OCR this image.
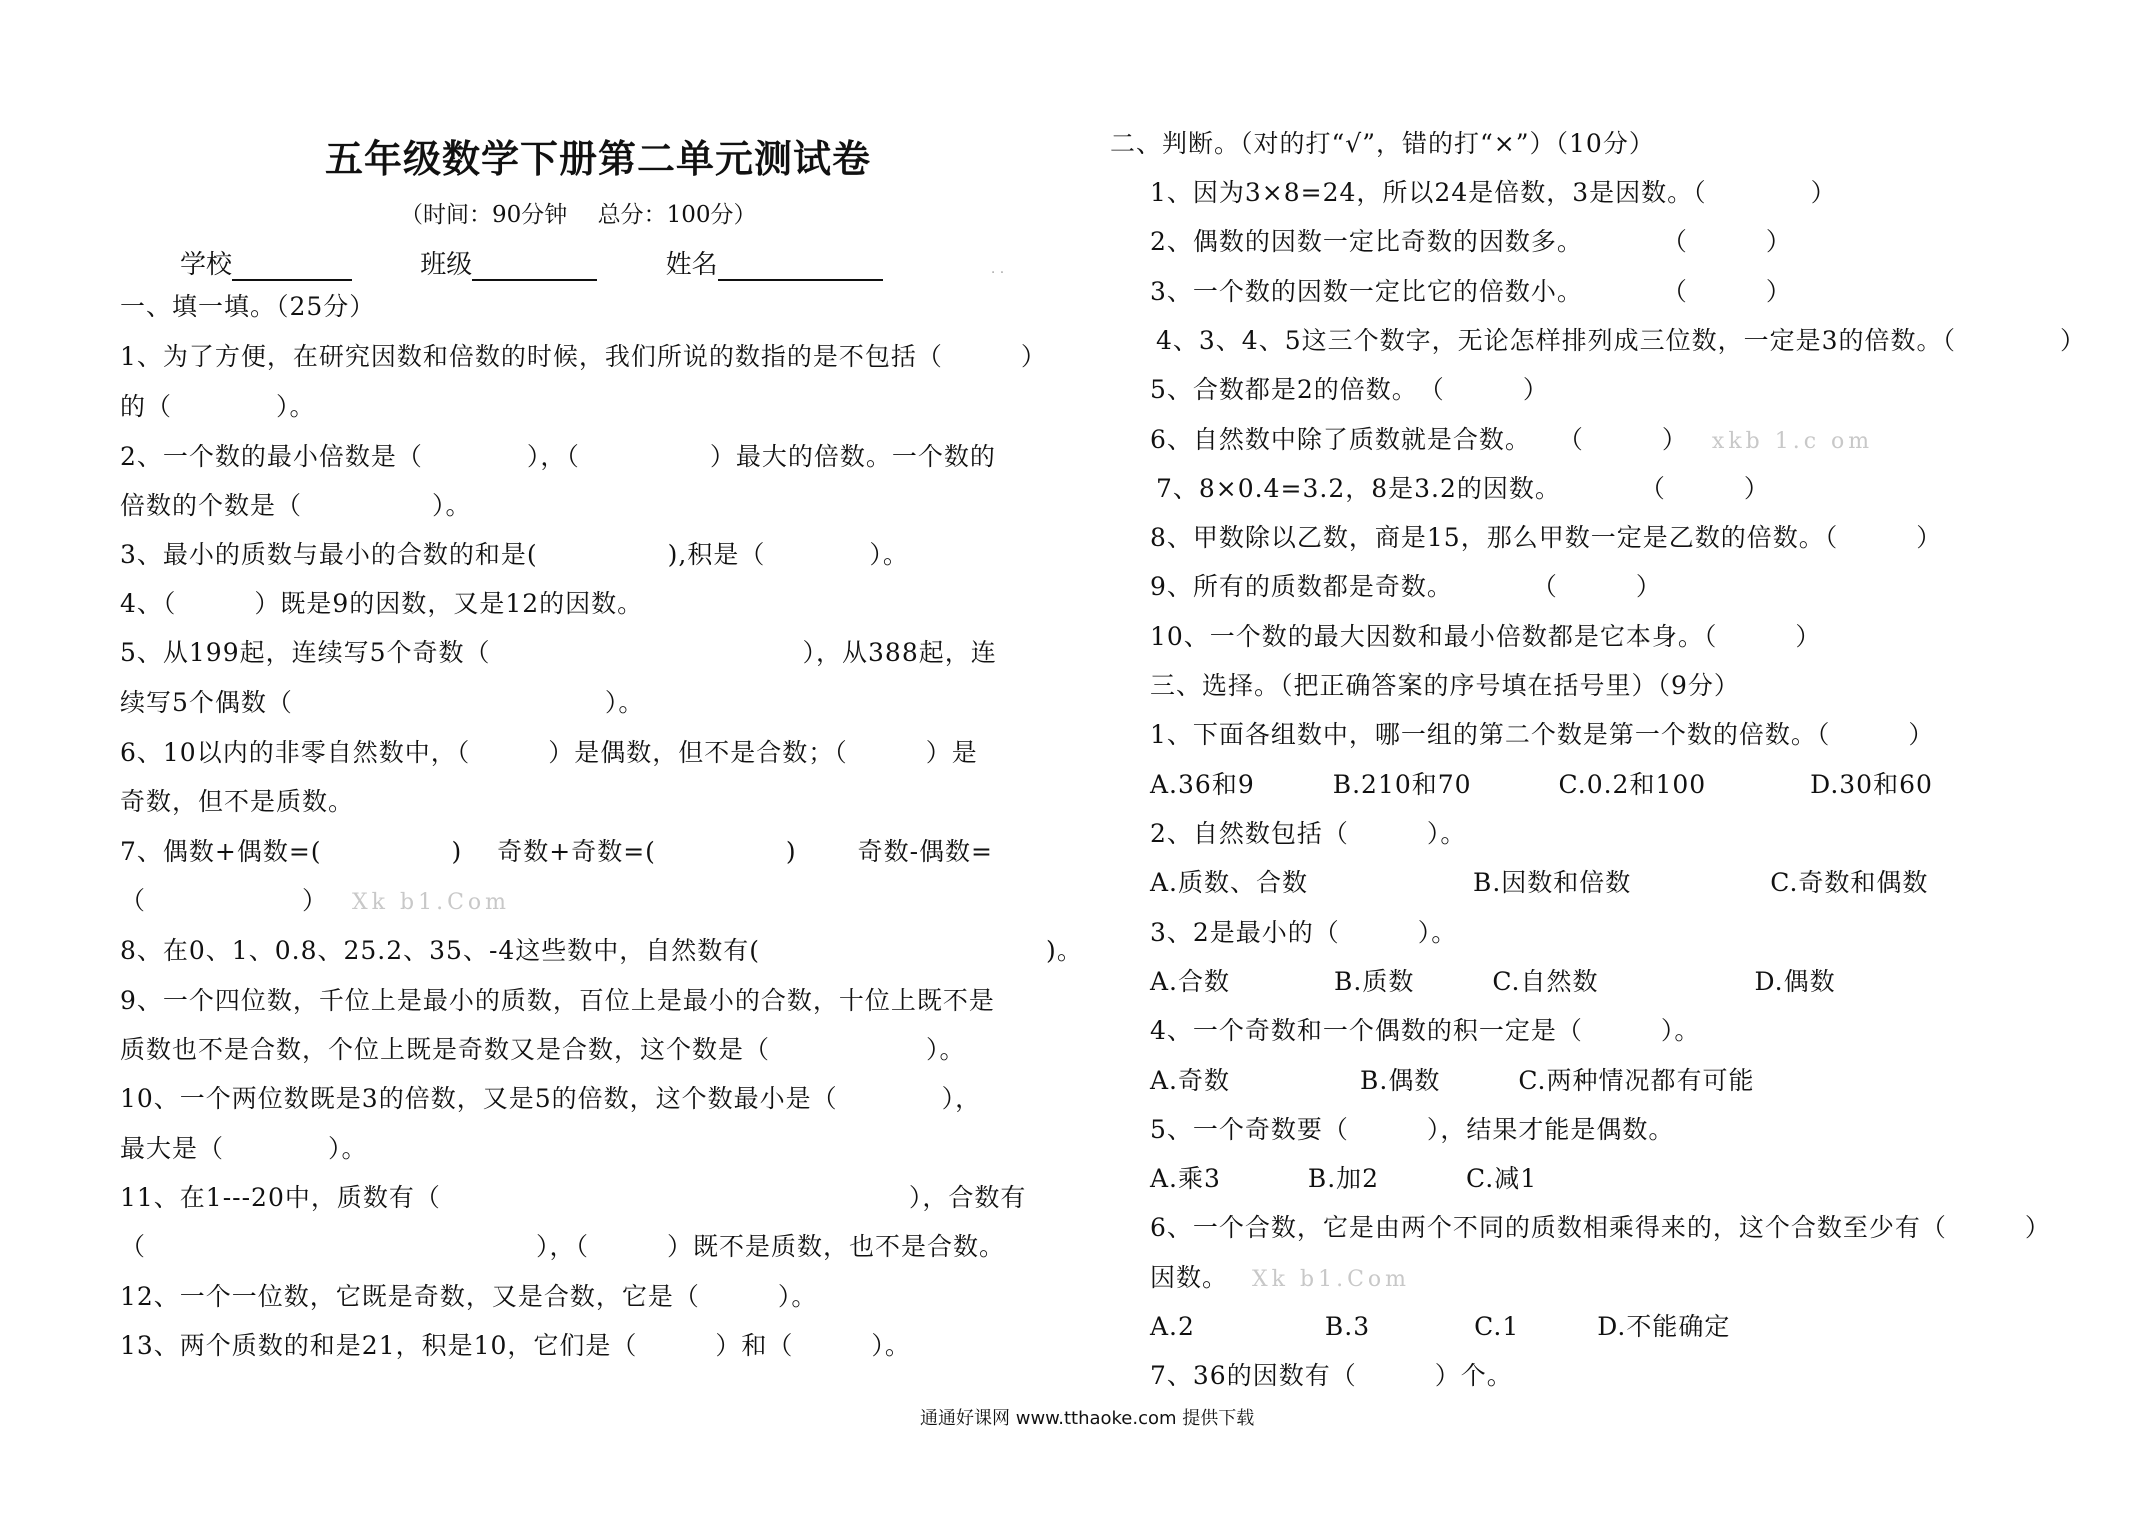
五年级数学下册第二单元测试卷
（时间：90分钟　 总分：100分）
学校	班级	姓名	. .
一、填一填。（25分）
1、为了方便，在研究因数和倍数的时候，我们所说的数指的是不包括（　　　）
的（　　　　）。
2、一个数的最小倍数是（　　　　），（　　　　　）最大的倍数。一个数的
倍数的个数是（　　　　　）。
3、最小的质数与最小的合数的和是(　　　　　),积是（　　　　）。
4、（　　　）既是9的因数，又是12的因数。
5、从199起，连续写5个奇数（　　　　　　　　　　　　），从388起，连
续写5个偶数（　　　　　　　　　　　　）。
6、10以内的非零自然数中，（　　　）是偶数，但不是合数；（　　　）是
奇数，但不是质数。
7、偶数+偶数=(　　　　　)　 奇数+奇数=(　　　　　)　　 奇数-偶数=
（　　　　　　） Xk b1.Com
8、在0、1、0.8、25.2、35、-4这些数中，自然数有(　　　　　　　　　　　)。
9、一个四位数，千位上是最小的质数，百位上是最小的合数，十位上既不是
质数也不是合数，个位上既是奇数又是合数，这个数是（　　　　　　）。
10、一个两位数既是3的倍数，又是5的倍数，这个数最小是（　　　　），
最大是（　　　　）。
11、在1---20中，质数有（　　　　　　　　　　　　　　　　　　），合数有
（　　　　　　　　　　　　　　　），（　　　）既不是质数，也不是合数。
12、一个一位数，它既是奇数，又是合数，它是（　　　）。
13、两个质数的和是21，积是10，它们是（　　　）和（　　　）。
二、判断。（对的打“√”，错的打“×”）（10分）
1、因为3×8=24，所以24是倍数，3是因数。（　　　　）
2、偶数的因数一定比奇数的因数多。　　　　（　　　）
3、一个数的因数一定比它的倍数小。　　　　（　　　）
4、3、4、5这三个数字，无论怎样排列成三位数，一定是3的倍数。（　　　　）
5、合数都是2的倍数。　（　　　）
6、自然数中除了质数就是合数。　　（　　　） xkb 1.c om
7、8×0.4=3.2，8是3.2的因数。　　　　（　　　）
8、甲数除以乙数，商是15，那么甲数一定是乙数的倍数。（　　　）
9、所有的质数都是奇数。　　　　（　　　）
10、一个数的最大因数和最小倍数都是它本身。（　　　）
三、选择。（把正确答案的序号填在括号里）（9分）
1、下面各组数中，哪一组的第二个数是第一个数的倍数。（　　　）
A.36和9　　　B.210和70　　　 C.0.2和100　　　　D.30和60
2、自然数包括（　　　）。
A.质数、合数　　　　　　 B.因数和倍数　　　　　 C.奇数和偶数
3、2是最小的（　　　）。
A.合数　　　　B.质数　　　C.自然数　　　　　　D.偶数
4、一个奇数和一个偶数的积一定是（　　　）。
A.奇数　　　　　B.偶数　　　C.两种情况都有可能
5、一个奇数要（　　　），结果才能是偶数。
A.乘3　　　 B.加2　　　 C.减1
6、一个合数，它是由两个不同的质数相乘得来的，这个合数至少有（　　　）
因数。 Xk b1.Com
A.2　　　　　B.3　　　　C.1　　　D.不能确定
7、36的因数有（　　　）个。
通通好课网 www.tthaoke.com 提供下载
